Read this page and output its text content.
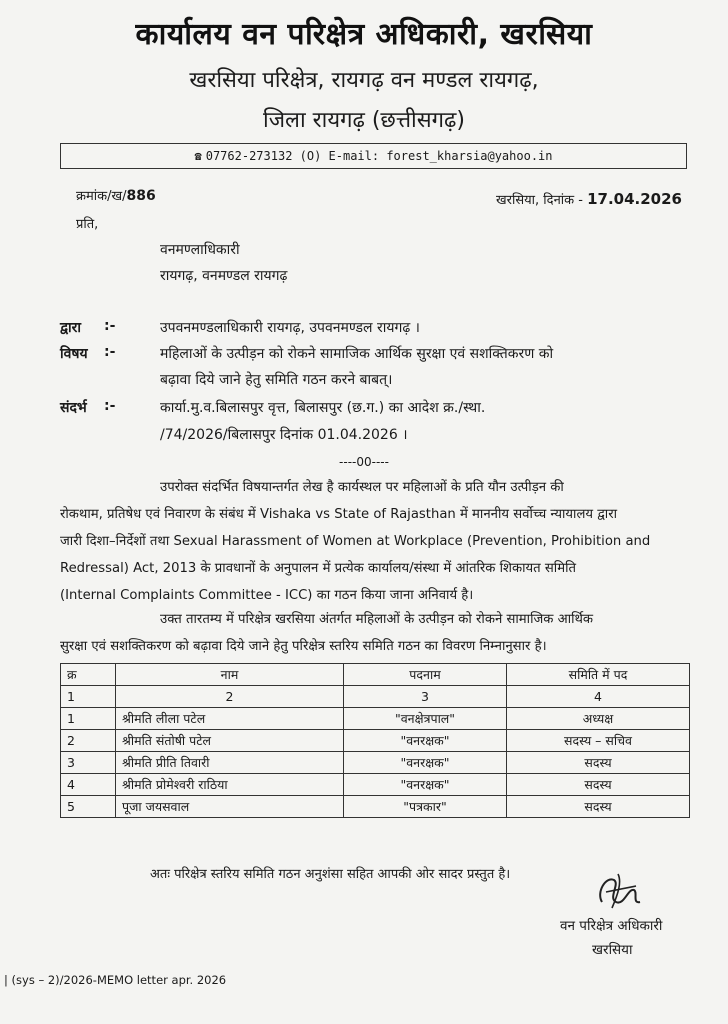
कार्यालय वन परिक्षेत्र अधिकारी, खरसिया
खरसिया परिक्षेत्र, रायगढ़ वन मण्डल रायगढ़,
जिला रायगढ़ (छत्तीसगढ़)
☎ 07762-273132 (O) E-mail: forest_kharsia@yahoo.in
क्रमांक/ख/886	खरसिया, दिनांक - 17.04.2026
प्रति,
वनमण्लाधिकारी
रायगढ़, वनमण्डल रायगढ़
द्वारा :-	उपवनमण्डलाधिकारी रायगढ़, उपवनमण्डल रायगढ़ ।
विषय :-	महिलाओं के उत्पीड़न को रोकने सामाजिक आर्थिक सुरक्षा एवं सशक्तिकरण को
बढ़ावा दिये जाने हेतु समिति गठन करने बाबत्।
संदर्भ :-	कार्या.मु.व.बिलासपुर वृत्त, बिलासपुर (छ.ग.) का आदेश क्र./स्था.
/74/2026/बिलासपुर दिनांक 01.04.2026 ।
----00----
उपरोक्त संदर्भित विषयान्तर्गत लेख है कार्यस्थल पर महिलाओं के प्रति यौन उत्पीड़न की
रोकथाम, प्रतिषेध एवं निवारण के संबंध में Vishaka vs State of Rajasthan में माननीय सर्वोच्च न्यायालय द्वारा
जारी दिशा–निर्देशों तथा Sexual Harassment of Women at Workplace (Prevention, Prohibition and
Redressal) Act, 2013 के प्रावधानों के अनुपालन में प्रत्येक कार्यालय/संस्था में आंतरिक शिकायत समिति
(Internal Complaints Committee - ICC) का गठन किया जाना अनिवार्य है।
उक्त तारतम्य में परिक्षेत्र खरसिया अंतर्गत महिलाओं के उत्पीड़न को रोकने सामाजिक आर्थिक
सुरक्षा एवं सशक्तिकरण को बढ़ावा दिये जाने हेतु परिक्षेत्र स्तरिय समिति गठन का विवरण निम्नानुसार है।
क्र	नाम	पदनाम	समिति में पद
1	2	3	4
1	श्रीमति लीला पटेल	"वनक्षेत्रपाल"	अध्यक्ष
2	श्रीमति संतोषी पटेल	"वनरक्षक"	सदस्य – सचिव
3	श्रीमति प्रीति तिवारी	"वनरक्षक"	सदस्य
4	श्रीमति प्रोमेश्वरी राठिया	"वनरक्षक"	सदस्य
5	पूजा जयसवाल	"पत्रकार"	सदस्य
अतः परिक्षेत्र स्तरिय समिति गठन अनुशंसा सहित आपकी ओर सादर प्रस्तुत है।
वन परिक्षेत्र अधिकारी
खरसिया
| (sys – 2)/2026-MEMO letter apr. 2026
